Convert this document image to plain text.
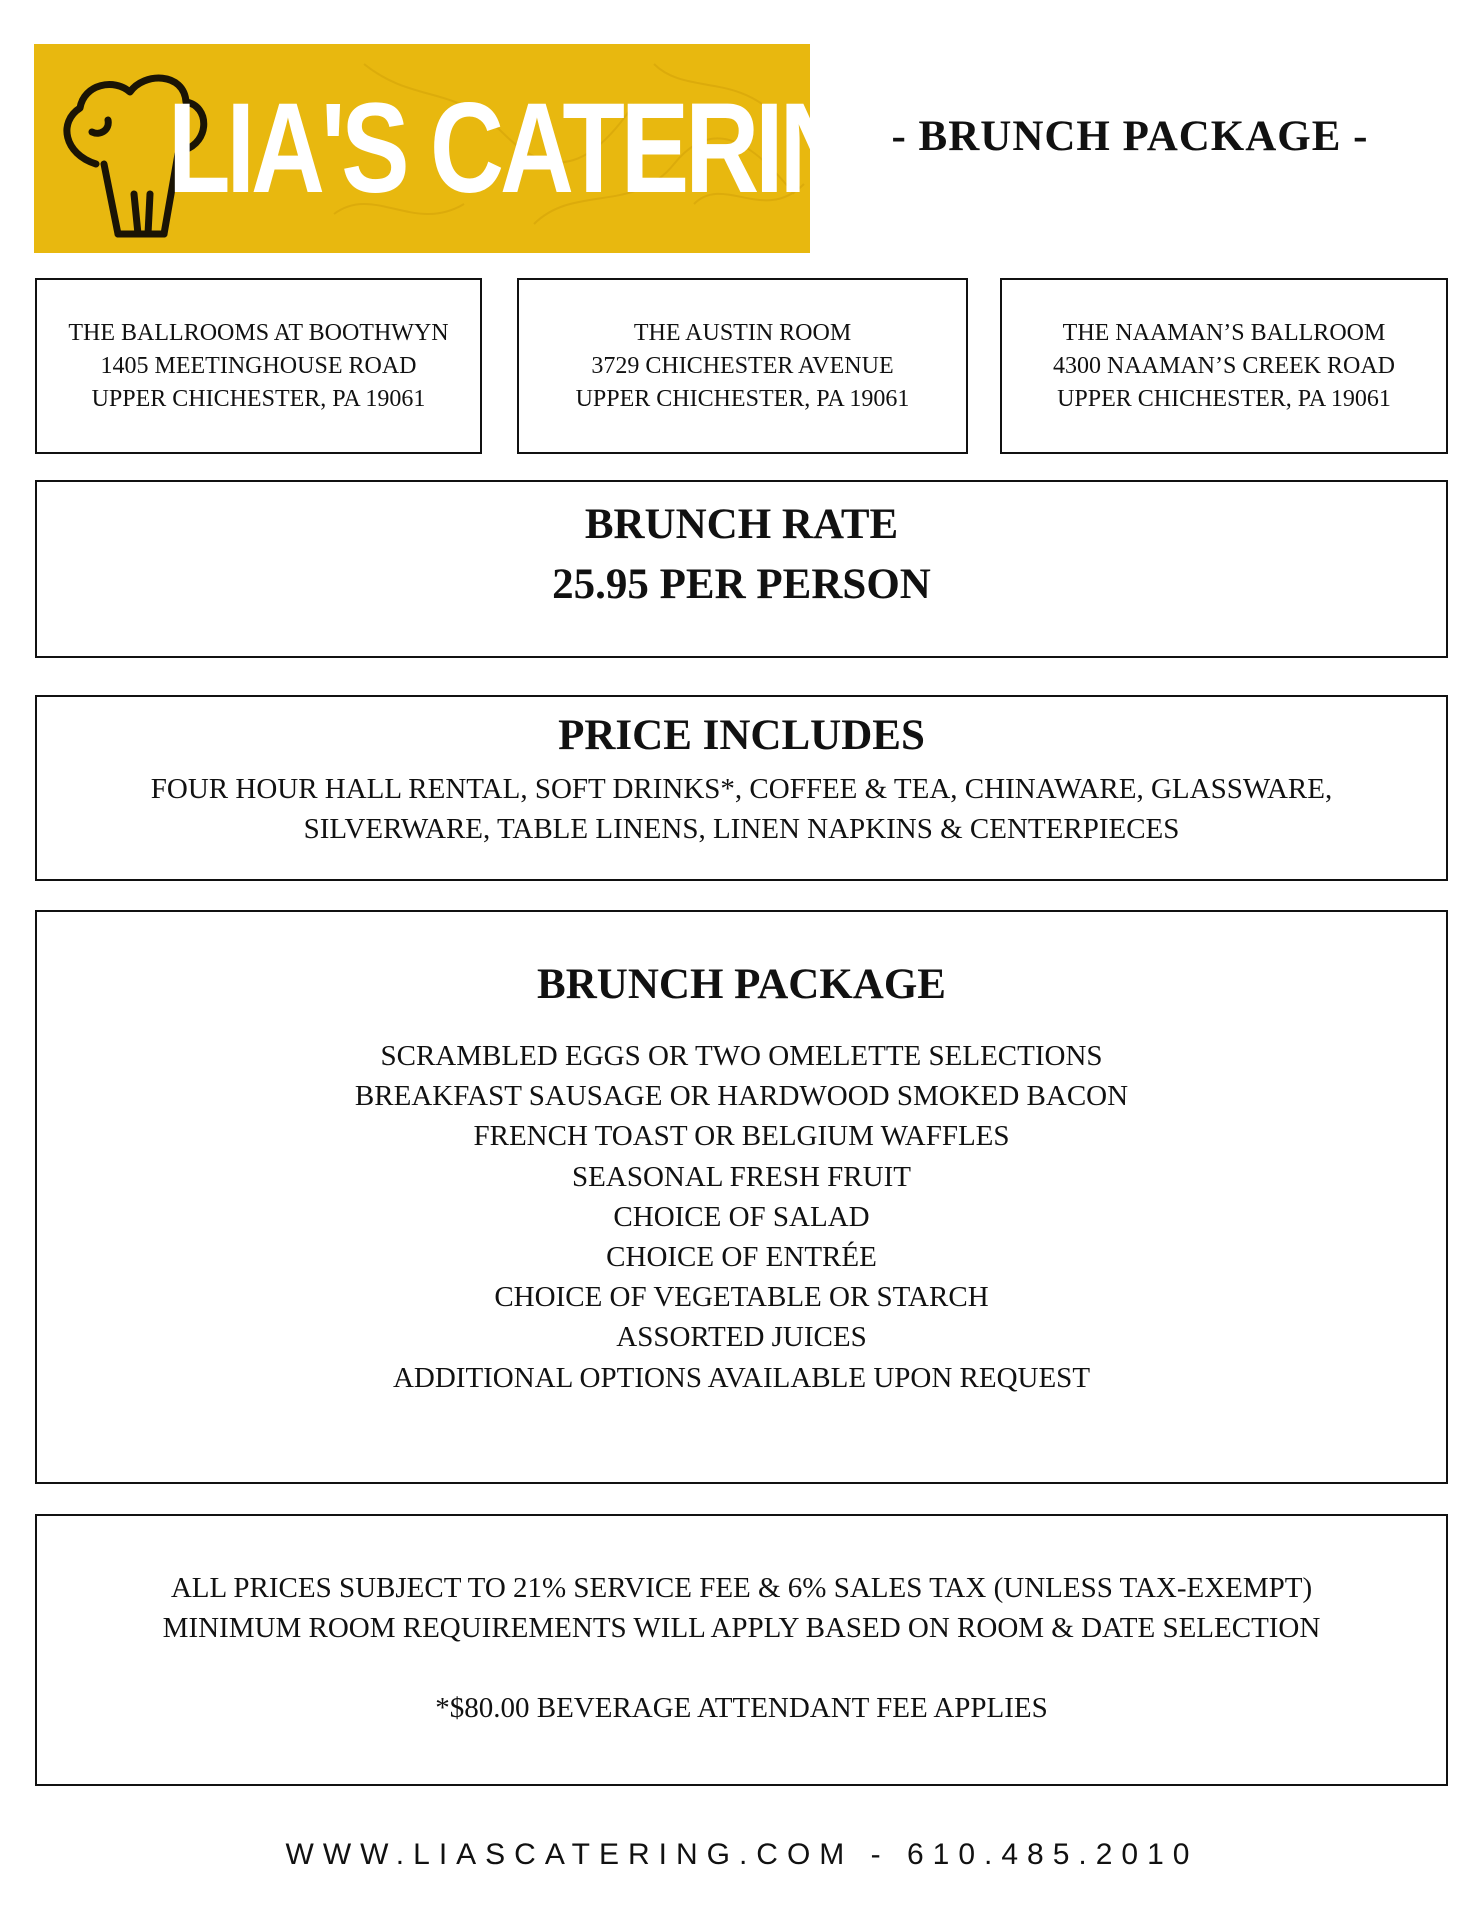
LIA'S CATERING
- BRUNCH PACKAGE -
THE BALLROOMS AT BOOTHWYN
1405 MEETINGHOUSE ROAD
UPPER CHICHESTER, PA 19061
THE AUSTIN ROOM
3729 CHICHESTER AVENUE
UPPER CHICHESTER, PA 19061
THE NAAMAN’S BALLROOM
4300 NAAMAN’S CREEK ROAD
UPPER CHICHESTER, PA 19061
BRUNCH RATE
25.95 PER PERSON
PRICE INCLUDES
FOUR HOUR HALL RENTAL, SOFT DRINKS*, COFFEE & TEA, CHINAWARE, GLASSWARE, SILVERWARE, TABLE LINENS, LINEN NAPKINS & CENTERPIECES
BRUNCH PACKAGE
SCRAMBLED EGGS OR TWO OMELETTE SELECTIONS
BREAKFAST SAUSAGE OR HARDWOOD SMOKED BACON
FRENCH TOAST OR BELGIUM WAFFLES
SEASONAL FRESH FRUIT
CHOICE OF SALAD
CHOICE OF ENTRÉE
CHOICE OF VEGETABLE OR STARCH
ASSORTED JUICES
ADDITIONAL OPTIONS AVAILABLE UPON REQUEST
ALL PRICES SUBJECT TO 21% SERVICE FEE & 6% SALES TAX (UNLESS TAX-EXEMPT)
MINIMUM ROOM REQUIREMENTS WILL APPLY BASED ON ROOM & DATE SELECTION
*$80.00 BEVERAGE ATTENDANT FEE APPLIES
WWW.LIASCATERING.COM - 610.485.2010
